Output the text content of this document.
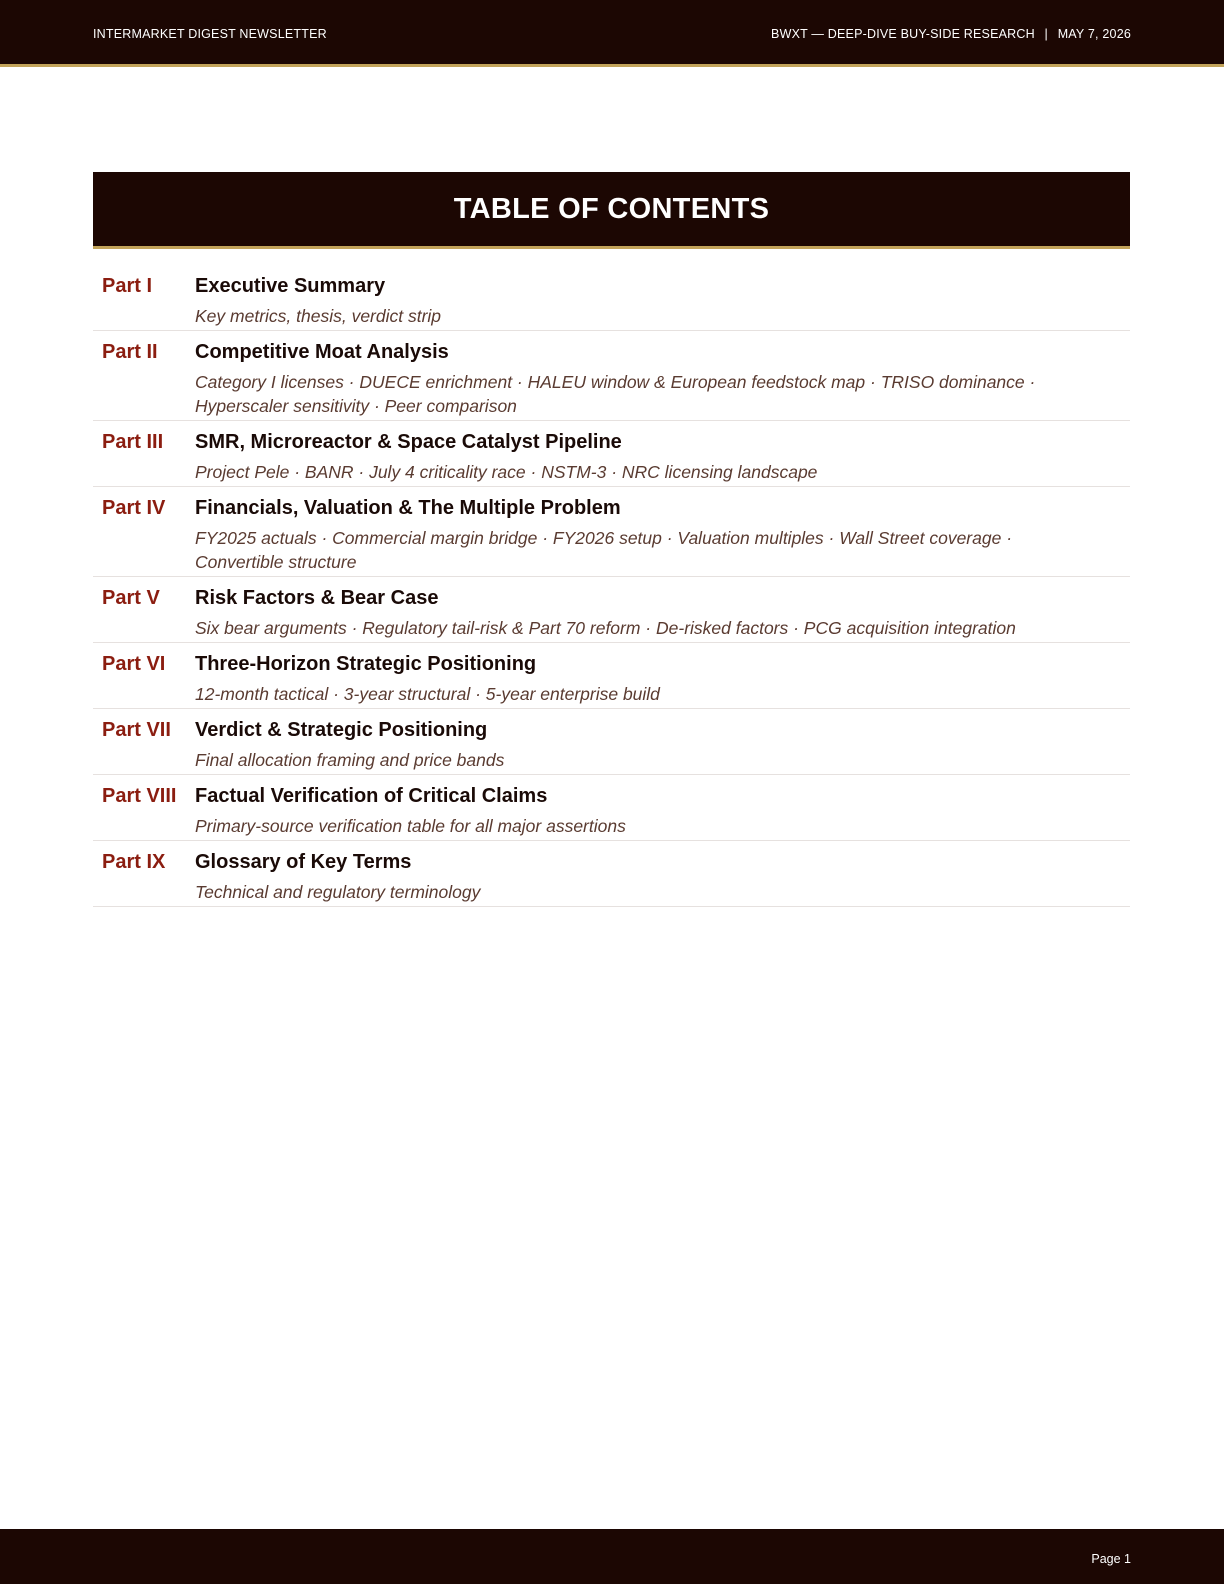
INTERMARKET DIGEST NEWSLETTER	BWXT — DEEP-DIVE BUY-SIDE RESEARCH | MAY 7, 2026
TABLE OF CONTENTS
Part I	Executive Summary
Key metrics, thesis, verdict strip
Part II	Competitive Moat Analysis
Category I licenses · DUECE enrichment · HALEU window & European feedstock map · TRISO dominance · Hyperscaler sensitivity · Peer comparison
Part III	SMR, Microreactor & Space Catalyst Pipeline
Project Pele · BANR · July 4 criticality race · NSTM-3 · NRC licensing landscape
Part IV	Financials, Valuation & The Multiple Problem
FY2025 actuals · Commercial margin bridge · FY2026 setup · Valuation multiples · Wall Street coverage · Convertible structure
Part V	Risk Factors & Bear Case
Six bear arguments · Regulatory tail-risk & Part 70 reform · De-risked factors · PCG acquisition integration
Part VI	Three-Horizon Strategic Positioning
12-month tactical · 3-year structural · 5-year enterprise build
Part VII	Verdict & Strategic Positioning
Final allocation framing and price bands
Part VIII Factual Verification of Critical Claims
Primary-source verification table for all major assertions
Part IX	Glossary of Key Terms
Technical and regulatory terminology
Page 1
